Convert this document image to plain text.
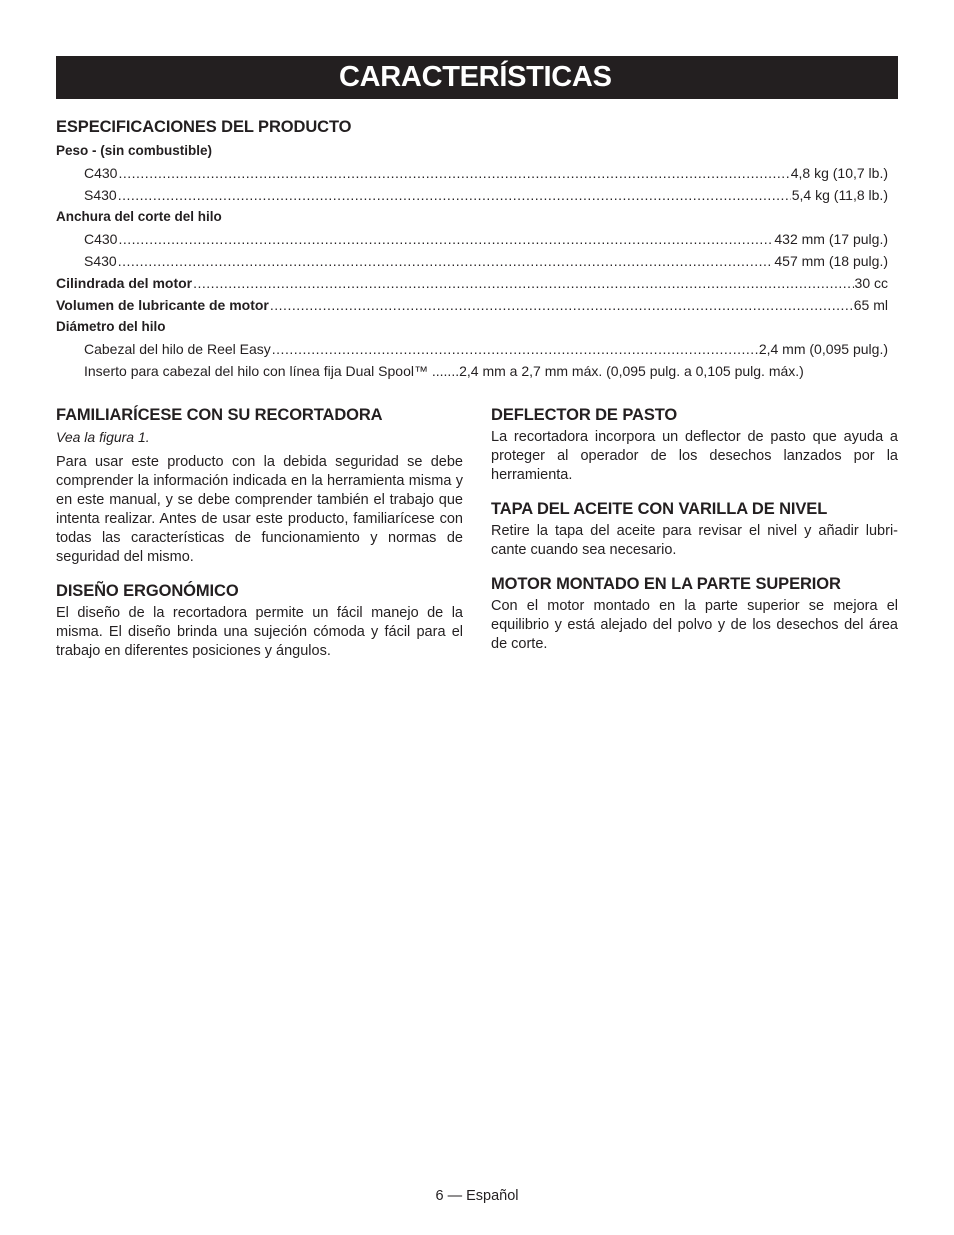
CARACTERÍSTICAS
ESPECIFICACIONES DEL PRODUCTO
Peso - (sin combustible)
C430 .....	4,8 kg (10,7 lb.)
S430 .....	5,4 kg (11,8 lb.)
Anchura del corte del hilo
C430 .....	432 mm (17 pulg.)
S430 .....	457 mm (18 pulg.)
Cilindrada del motor .....	30 cc
Volumen de lubricante de motor .....	65 ml
Diámetro del hilo
Cabezal del hilo de Reel Easy .....	2,4 mm (0,095 pulg.)
Inserto para cabezal del hilo con línea fija Dual Spool™ .......2,4 mm a 2,7 mm máx. (0,095 pulg. a 0,105 pulg. máx.)
FAMILIARÍCESE CON SU RECORTADORA
Vea la figura 1.

Para usar este producto con la debida seguridad se debe comprender la información indicada en la herramienta misma y en este manual, y se debe comprender también el trabajo que intenta realizar. Antes de usar este producto, familiarícese con todas las características de funcionamiento y normas de seguridad del mismo.

DISEÑO ERGONÓMICO

El diseño de la recortadora permite un fácil manejo de la misma. El diseño brinda una sujeción cómoda y fácil para el trabajo en diferentes posiciones y ángulos.

DEFLECTOR DE PASTO

La recortadora incorpora un deflector de pasto que ayuda a proteger al operador de los desechos lanzados por la herramienta.

TAPA DEL ACEITE CON VARILLA DE NIVEL

Retire la tapa del aceite para revisar el nivel y añadir lubri-cante cuando sea necesario.

MOTOR MONTADO EN LA PARTE SUPERIOR

Con el motor montado en la parte superior se mejora el equilibrio y está alejado del polvo y de los desechos del área de corte.

6 — Español
